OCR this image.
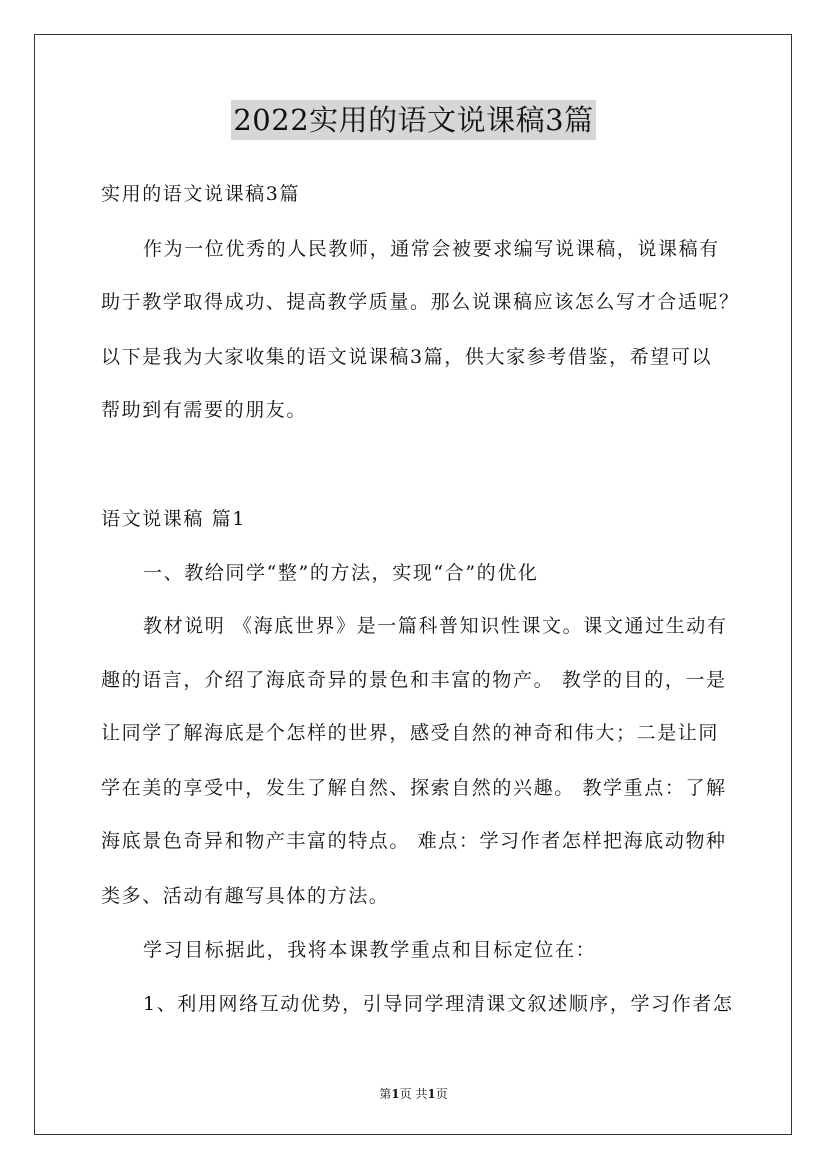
2022实用的语文说课稿3篇
实用的语文说课稿3篇
作为一位优秀的人民教师，通常会被要求编写说课稿，说课稿有
助于教学取得成功、提高教学质量。那么说课稿应该怎么写才合适呢？
以下是我为大家收集的语文说课稿3篇，供大家参考借鉴，希望可以
帮助到有需要的朋友。
语文说课稿 篇1
一、教给同学“整”的方法，实现“合”的优化
教材说明 《海底世界》是一篇科普知识性课文。课文通过生动有
趣的语言，介绍了海底奇异的景色和丰富的物产。 教学的目的，一是
让同学了解海底是个怎样的世界，感受自然的神奇和伟大；二是让同
学在美的享受中，发生了解自然、探索自然的兴趣。 教学重点：了解
海底景色奇异和物产丰富的特点。 难点：学习作者怎样把海底动物种
类多、活动有趣写具体的方法。
学习目标据此，我将本课教学重点和目标定位在：
1、利用网络互动优势，引导同学理清课文叙述顺序，学习作者怎
第1页 共1页
